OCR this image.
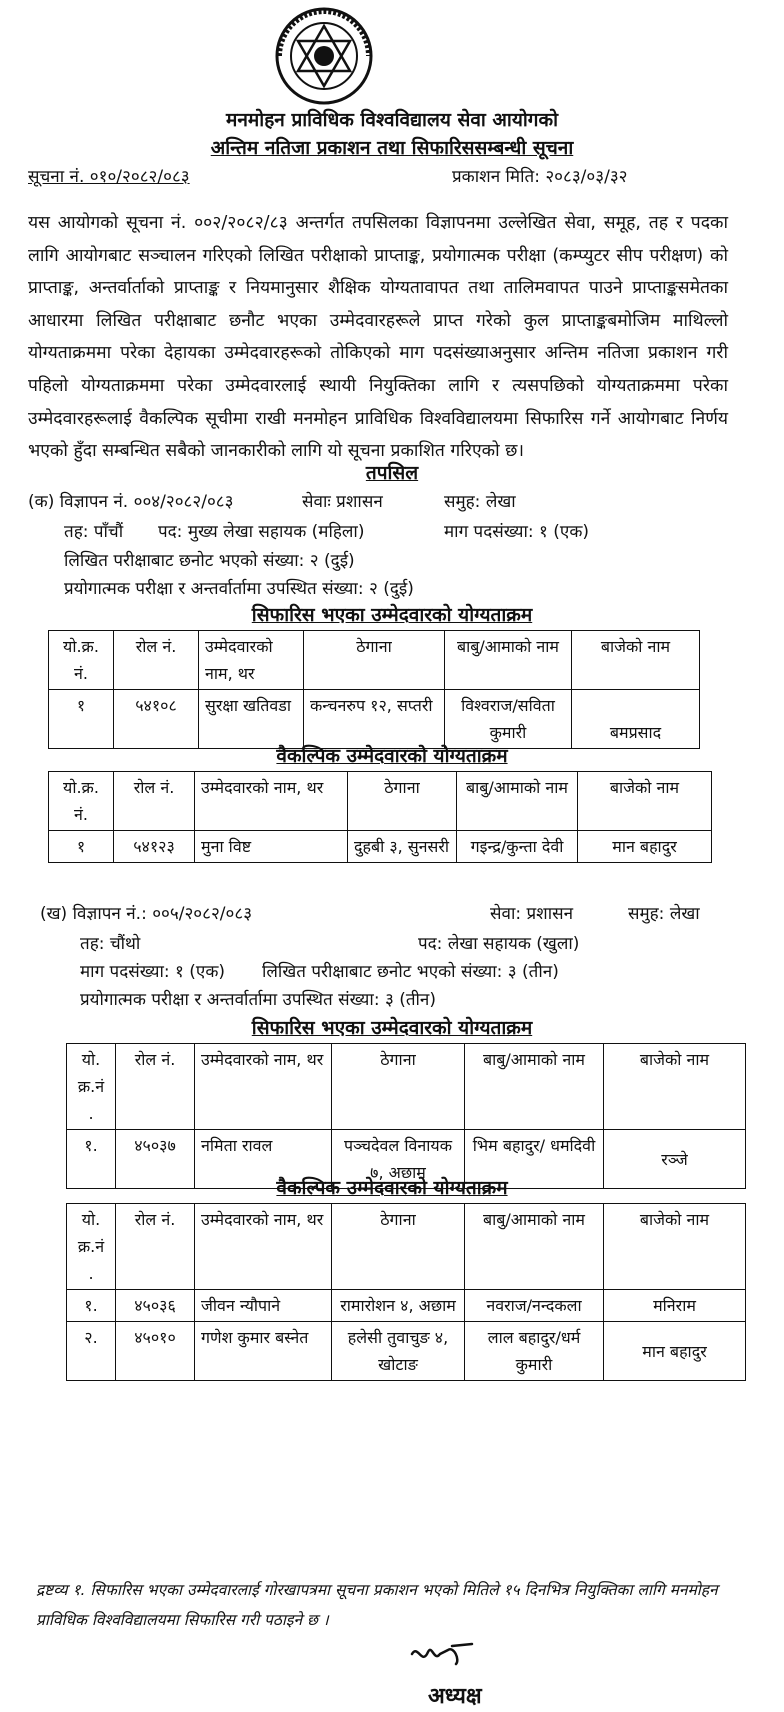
मनमोहन प्राविधिक विश्वविद्यालय सेवा आयोगको
अन्तिम नतिजा प्रकाशन तथा सिफारिससम्बन्धी सूचना
सूचना नं. ०१०/२०८२/०८३	प्रकाशन मिति: २०८३/०३/३२
यस आयोगको सूचना नं. ००२/२०८२/८३ अन्तर्गत तपसिलका विज्ञापनमा उल्लेखित सेवा, समूह, तह र पदका लागि आयोगबाट सञ्चालन गरिएको लिखित परीक्षाको प्राप्ताङ्क, प्रयोगात्मक परीक्षा (कम्प्युटर सीप परीक्षण) को प्राप्ताङ्क, अन्तर्वार्ताको प्राप्ताङ्क र नियमानुसार शैक्षिक योग्यतावापत तथा तालिमवापत पाउने प्राप्ताङ्कसमेतका आधारमा लिखित परीक्षाबाट छनौट भएका उम्मेदवारहरूले प्राप्त गरेको कुल प्राप्ताङ्कबमोजिम माथिल्लो योग्यताक्रममा परेका देहायका उम्मेदवारहरूको तोकिएको माग पदसंख्याअनुसार अन्तिम नतिजा प्रकाशन गरी पहिलो योग्यताक्रममा परेका उम्मेदवारलाई स्थायी नियुक्तिका लागि र त्यसपछिको योग्यताक्रममा परेका उम्मेदवारहरूलाई वैकल्पिक सूचीमा राखी मनमोहन प्राविधिक विश्वविद्यालयमा सिफारिस गर्ने आयोगबाट निर्णय भएको हुँदा सम्बन्धित सबैको जानकारीको लागि यो सूचना प्रकाशित गरिएको छ।
तपसिल
(क) विज्ञापन नं. ००४/२०८२/०८३	सेवाः प्रशासन	समुह: लेखा
तह: पाँचौं पद: मुख्य लेखा सहायक (महिला)	माग पदसंख्या: १ (एक)
लिखित परीक्षाबाट छनोट भएको संख्या: २ (दुई)
प्रयोगात्मक परीक्षा र अन्तर्वार्तामा उपस्थित संख्या: २ (दुई)
सिफारिस भएका उम्मेदवारको योग्यताक्रम
यो.क्र. नं.	रोल नं.	उम्मेदवारको नाम, थर	ठेगाना	बाबु/आमाको नाम	बाजेको नाम
१	५४१०८	सुरक्षा खतिवडा	कन्चनरुप १२, सप्तरी	विश्वराज/सविता कुमारी	बमप्रसाद
वैकल्पिक उम्मेदवारको योग्यताक्रम
यो.क्र. नं.	रोल नं.	उम्मेदवारको नाम, थर	ठेगाना	बाबु/आमाको नाम	बाजेको नाम
१	५४१२३	मुना विष्ट	दुहबी ३, सुनसरी	गइन्द्र/कुन्ता देवी	मान बहादुर
(ख) विज्ञापन नं.: ००५/२०८२/०८३	सेवा: प्रशासन	समुह: लेखा
तह: चौंथो	पद: लेखा सहायक (खुला)
माग पदसंख्या: १ (एक) लिखित परीक्षाबाट छनोट भएको संख्या: ३ (तीन)
प्रयोगात्मक परीक्षा र अन्तर्वार्तामा उपस्थित संख्या: ३ (तीन)
सिफारिस भएका उम्मेदवारको योग्यताक्रम
यो. क्र.नं .	रोल नं.	उम्मेदवारको नाम, थर	ठेगाना	बाबु/आमाको नाम	बाजेको नाम
१.	४५०३७	नमिता रावल	पञ्चदेवल विनायक ७, अछाम	भिम बहादुर/ धमदिवी	रञ्जे
वैकल्पिक उम्मेदवारको योग्यताक्रम
यो. क्र.नं .	रोल नं.	उम्मेदवारको नाम, थर	ठेगाना	बाबु/आमाको नाम	बाजेको नाम
१.	४५०३६	जीवन न्यौपाने	रामारोशन ४, अछाम	नवराज/नन्दकला	मनिराम
२.	४५०१०	गणेश कुमार बस्नेत	हलेसी तुवाचुङ ४, खोटाङ	लाल बहादुर/धर्म कुमारी	मान बहादुर
द्रष्टव्य १. सिफारिस भएका उम्मेदवारलाई गोरखापत्रमा सूचना प्रकाशन भएको मितिले १५ दिनभित्र नियुक्तिका लागि मनमोहन प्राविधिक विश्वविद्यालयमा सिफारिस गरी पठाइने छ ।
अध्यक्ष
